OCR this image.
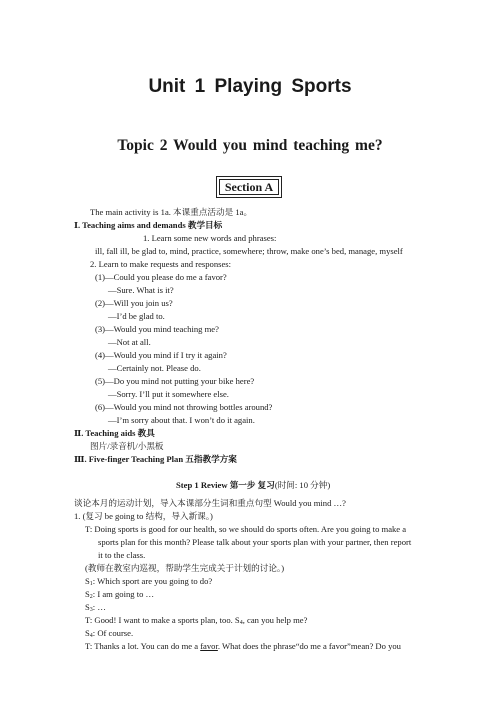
Unit 1 Playing Sports
Topic 2 Would you mind teaching me?
Section A
The main activity is 1a. 本课重点活动是 1a。
Ⅰ. Teaching aims and demands 教学目标
1. Learn some new words and phrases:
ill, fall ill, be glad to, mind, practice, somewhere; throw, make one’s bed, manage, myself
2. Learn to make requests and responses:
(1)—Could you please do me a favor?
—Sure. What is it?
(2)—Will you join us?
—I’d be glad to.
(3)—Would you mind teaching me?
—Not at all.
(4)—Would you mind if I try it again?
—Certainly not. Please do.
(5)—Do you mind not putting your bike here?
—Sorry. I’ll put it somewhere else.
(6)—Would you mind not throwing bottles around?
—I’m sorry about that. I won’t do it again.
Ⅱ. Teaching aids 教具
图片/录音机/小黑板
Ⅲ. Five-finger Teaching Plan 五指教学方案
Step 1 Review 第一步 复习(时间: 10 分钟)
谈论本月的运动计划，导入本课部分生词和重点句型 Would you mind …?
1. (复习 be going to 结构，导入新课。)
T: Doing sports is good for our health, so we should do sports often. Are you going to make a
sports plan for this month? Please talk about your sports plan with your partner, then report
it to the class.
(教师在教室内巡视，帮助学生完成关于计划的讨论。)
S1: Which sport are you going to do?
S2: I am going to …
S3: …
T: Good! I want to make a sports plan, too. S4, can you help me?
S4: Of course.
T: Thanks a lot. You can do me a favor. What does the phrase“do me a favor”mean? Do you
